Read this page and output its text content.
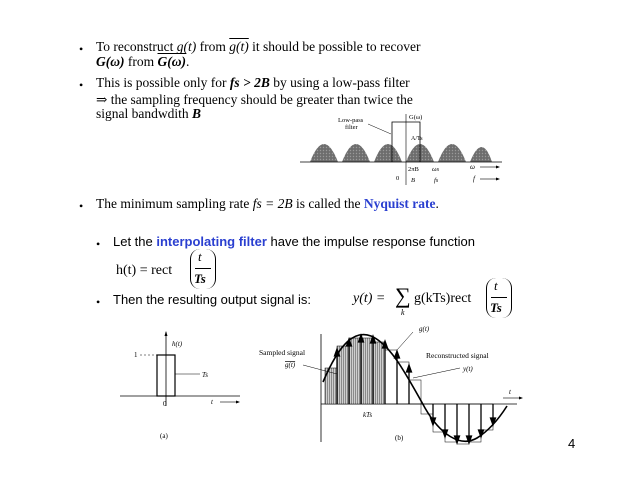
• To reconstruct g(t) from g(t) it should be possible to recover
G(ω) from G(ω).
• This is possible only for fs > 2B by using a low-pass filter
⇒ the sampling frequency should be greater than twice the
signal bandwdith B	Low-pass
filter
G(ω)
A/Ts
2πB ωs	ω
0 B	fs	f
• The minimum sampling rate fs = 2B is called the Nyquist rate.
• Let the interpolating filter have the impulse response function
h(t) = rect
t
Ts
• Then the resulting output signal is:	y(t) = ∑
k
g(kTs)rect
t
Ts
h(t)
1
Ts
0	t
(a)
g(t)
Sampled signal
g(t)
Reconstructed signal
y(t)
t
kTs
(b)	4
